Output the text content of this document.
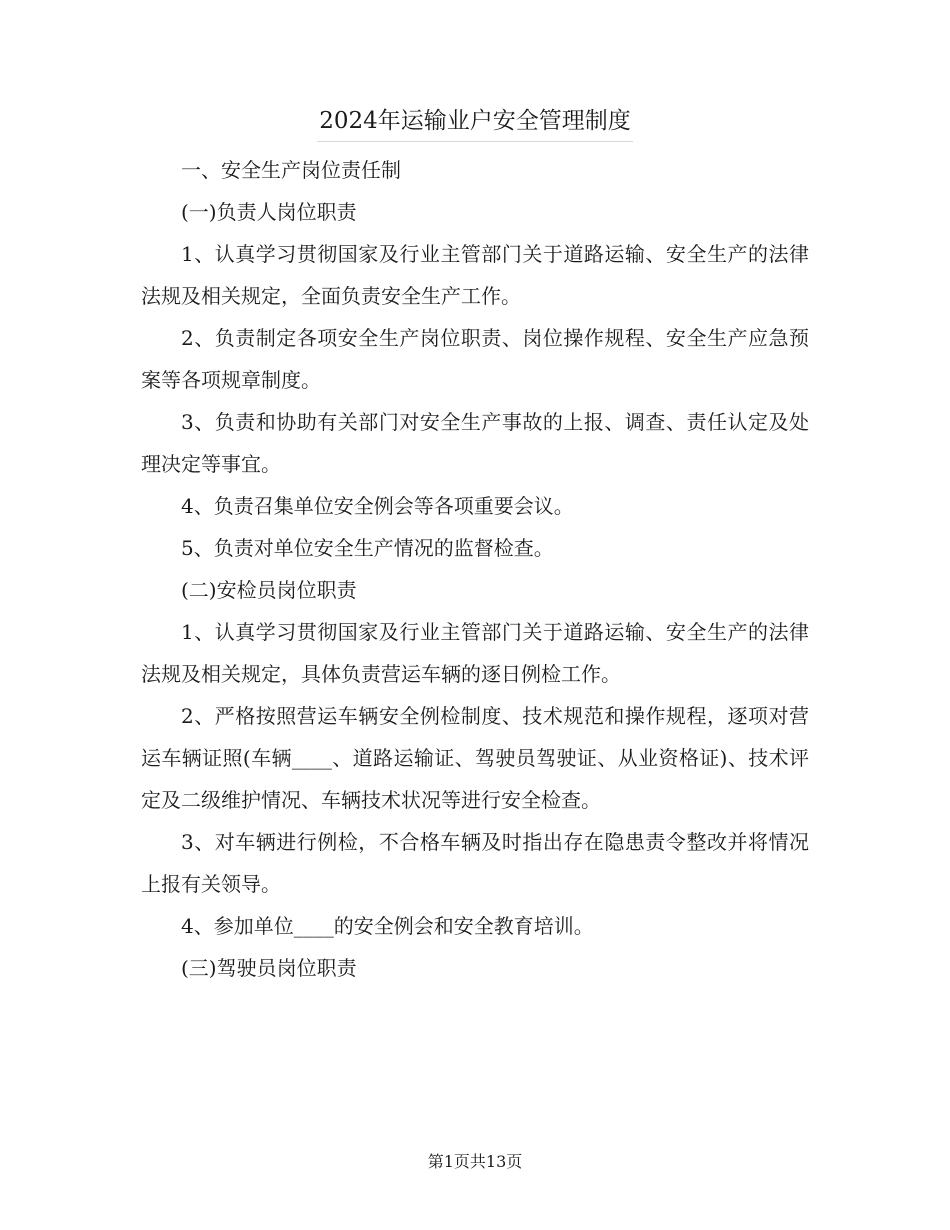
2024年运输业户安全管理制度

一、安全生产岗位责任制

(一)负责人岗位职责

1、认真学习贯彻国家及行业主管部门关于道路运输、安全生产的法律法规及相关规定，全面负责安全生产工作。

2、负责制定各项安全生产岗位职责、岗位操作规程、安全生产应急预案等各项规章制度。

3、负责和协助有关部门对安全生产事故的上报、调查、责任认定及处理决定等事宜。

4、负责召集单位安全例会等各项重要会议。

5、负责对单位安全生产情况的监督检查。

(二)安检员岗位职责

1、认真学习贯彻国家及行业主管部门关于道路运输、安全生产的法律法规及相关规定，具体负责营运车辆的逐日例检工作。

2、严格按照营运车辆安全例检制度、技术规范和操作规程，逐项对营运车辆证照(车辆____、道路运输证、驾驶员驾驶证、从业资格证)、技术评定及二级维护情况、车辆技术状况等进行安全检查。

3、对车辆进行例检，不合格车辆及时指出存在隐患责令整改并将情况上报有关领导。

4、参加单位____的安全例会和安全教育培训。

(三)驾驶员岗位职责

第1页共13页
